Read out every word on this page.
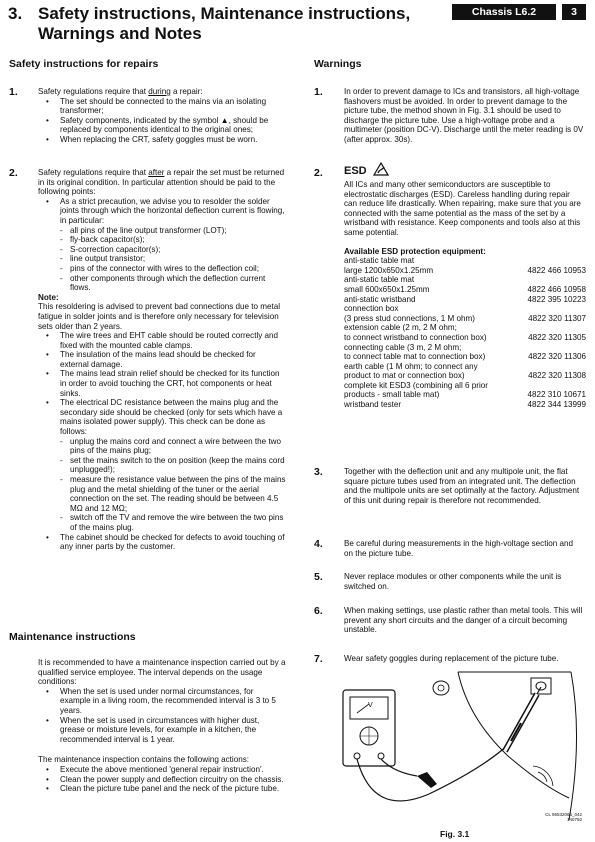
3. Safety instructions, Maintenance instructions,
Warnings and Notes
Chassis L6.2	3
Safety instructions for repairs
1. Safety regulations require that during a repair:

• The set should be connected to the mains via an isolating transformer;
• Safety components, indicated by the symbol ▲, should be replaced by components identical to the original ones;
• When replacing the CRT, safety goggles must be worn.
2. Safety regulations require that after a repair the set must be returned in its original condition. In particular attention should be paid to the following points:

• As a strict precaution, we advise you to resolder the solder joints through which the horizontal deflection current is flowing, in particular:
- all pins of the line output transformer (LOT);
- fly-back capacitor(s);
- S-correction capacitor(s);
- line output transistor;
- pins of the connector with wires to the deflection coil;
- other components through which the deflection current flows.

Note:

This resoldering is advised to prevent bad connections due to metal fatigue in solder joints and is therefore only necessary for television sets older than 2 years.

• The wire trees and EHT cable should be routed correctly and fixed with the mounted cable clamps.
• The insulation of the mains lead should be checked for external damage.
• The mains lead strain relief should be checked for its function in order to avoid touching the CRT, hot components or heat sinks.
• The electrical DC resistance between the mains plug and the secondary side should be checked (only for sets which have a mains isolated power supply). This check can be done as follows:
- unplug the mains cord and connect a wire between the two pins of the mains plug;
- set the mains switch to the on position (keep the mains cord unplugged!);
- measure the resistance value between the pins of the mains plug and the metal shielding of the tuner or the aerial connection on the set. The reading should be between 4.5 MΩ and 12 MΩ;
- switch off the TV and remove the wire between the two pins of the mains plug.
• The cabinet should be checked for defects to avoid touching of any inner parts by the customer.
Maintenance instructions

It is recommended to have a maintenance inspection carried out by a qualified service employee. The interval depends on the usage conditions:

• When the set is used under normal circumstances, for example in a living room, the recommended interval is 3 to 5 years.
• When the set is used in circumstances with higher dust, grease or moisture levels, for example in a kitchen, the recommended interval is 1 year.

The maintenance inspection contains the following actions:

• Execute the above mentioned 'general repair instruction'.
• Clean the power supply and deflection circuitry on the chassis.
• Clean the picture tube panel and the neck of the picture tube.
Warnings
1.	In order to prevent damage to ICs and transistors, all high-voltage flashovers must be avoided. In order to prevent damage to the picture tube, the method shown in Fig. 3.1 should be used to discharge the picture tube. Use a high-voltage probe and a multimeter (position DC-V). Discharge until the meter reading is 0V (after approx. 30s).
2. ESD

All ICs and many other semiconductors are susceptible to electrostatic discharges (ESD). Careless handling during repair can reduce life drastically. When repairing, make sure that you are connected with the same potential as the mass of the set by a wristband with resistance. Keep components and tools also at this same potential.

Available ESD protection equipment:

anti-static table mat	
large 1200x650x1.25mm	4822 466 10953
anti-static table mat	
small 600x650x1.25mm	4822 466 10958
anti-static wristband	4822 395 10223
connection box	
(3 press stud connections, 1 M ohm)	4822 320 11307
extension cable (2 m, 2 M ohm;	
to connect wristband to connection box)	4822 320 11305
connecting cable (3 m, 2 M ohm;	
to connect table mat to connection box)	4822 320 11306
earth cable (1 M ohm; to connect any	
product to mat or connection box)	4822 320 11308
complete kit ESD3 (combining all 6 prior	
products - small table mat)	4822 310 10671
wristband tester	4822 344 13999
3.	Together with the deflection unit and any multipole unit, the flat square picture tubes used from an integrated unit. The deflection and the multipole units are set optimally at the factory. Adjustment of this unit during repair is therefore not recommended.
4.	Be careful during measurements in the high-voltage section and on the picture tube.
5.	Never replace modules or other components while the unit is switched on.
6.	When making settings, use plastic rather than metal tools. This will prevent any short circuits and the danger of a circuit becoming unstable.
7.	Wear safety goggles during replacement of the picture tube.
V
CL 96532066_042
140792
Fig. 3.1
